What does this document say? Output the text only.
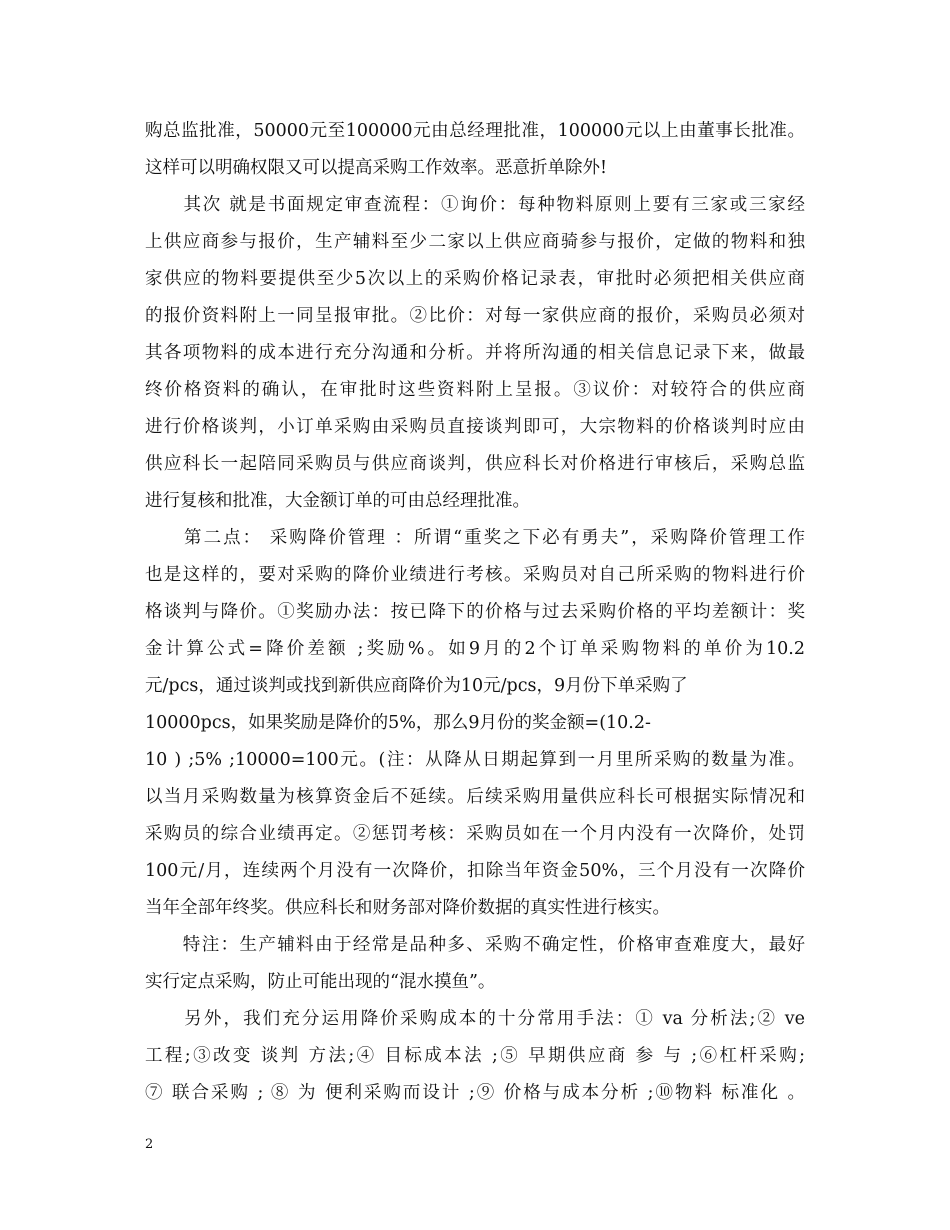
购总监批准，50000元至100000元由总经理批准，100000元以上由董事长批准。
这样可以明确权限又可以提高采购工作效率。恶意折单除外!
　　其次 就是书面规定审查流程：①询价：每种物料原则上要有三家或三家经
上供应商参与报价，生产辅料至少二家以上供应商骑参与报价，定做的物料和独
家供应的物料要提供至少5次以上的采购价格记录表，审批时必须把相关供应商
的报价资料附上一同呈报审批。②比价：对每一家供应商的报价，采购员必须对
其各项物料的成本进行充分沟通和分析。并将所沟通的相关信息记录下来，做最
终价格资料的确认，在审批时这些资料附上呈报。③议价：对较符合的供应商
进行价格谈判，小订单采购由采购员直接谈判即可，大宗物料的价格谈判时应由
供应科长一起陪同采购员与供应商谈判，供应科长对价格进行审核后，采购总监
进行复核和批准，大金额订单的可由总经理批准。
　　第二点： 采购降价管理 ：所谓“重奖之下必有勇夫”，采购降价管理工作
也是这样的，要对采购的降价业绩进行考核。采购员对自己所采购的物料进行价
格谈判与降价。①奖励办法：按已降下的价格与过去采购价格的平均差额计：奖
金计算公式=降价差额 ;奖励%。如9月的2个订单采购物料的单价为10.2
元/pcs，通过谈判或找到新供应商降价为10元/pcs，9月份下单采购了
10000pcs，如果奖励是降价的5%，那么9月份的奖金额=(10.2-
10 ) ;5% ;10000=100元。(注：从降从日期起算到一月里所采购的数量为准。
以当月采购数量为核算资金后不延续。后续采购用量供应科长可根据实际情况和
采购员的综合业绩再定。②惩罚考核：采购员如在一个月内没有一次降价，处罚
100元/月，连续两个月没有一次降价，扣除当年资金50%，三个月没有一次降价
当年全部年终奖。供应科长和财务部对降价数据的真实性进行核实。
　　特注：生产辅料由于经常是品种多、采购不确定性，价格审查难度大，最好
实行定点采购，防止可能出现的“混水摸鱼”。
　　另外，我们充分运用降价采购成本的十分常用手法：① va 分析法;② ve
工程;③改变 谈判 方法;④ 目标成本法 ;⑤ 早期供应商 参 与 ;⑥杠杆采购;
⑦ 联合采购 ; ⑧ 为 便利采购而设计 ;⑨ 价格与成本分析 ;⑩物料 标准化 。
2
